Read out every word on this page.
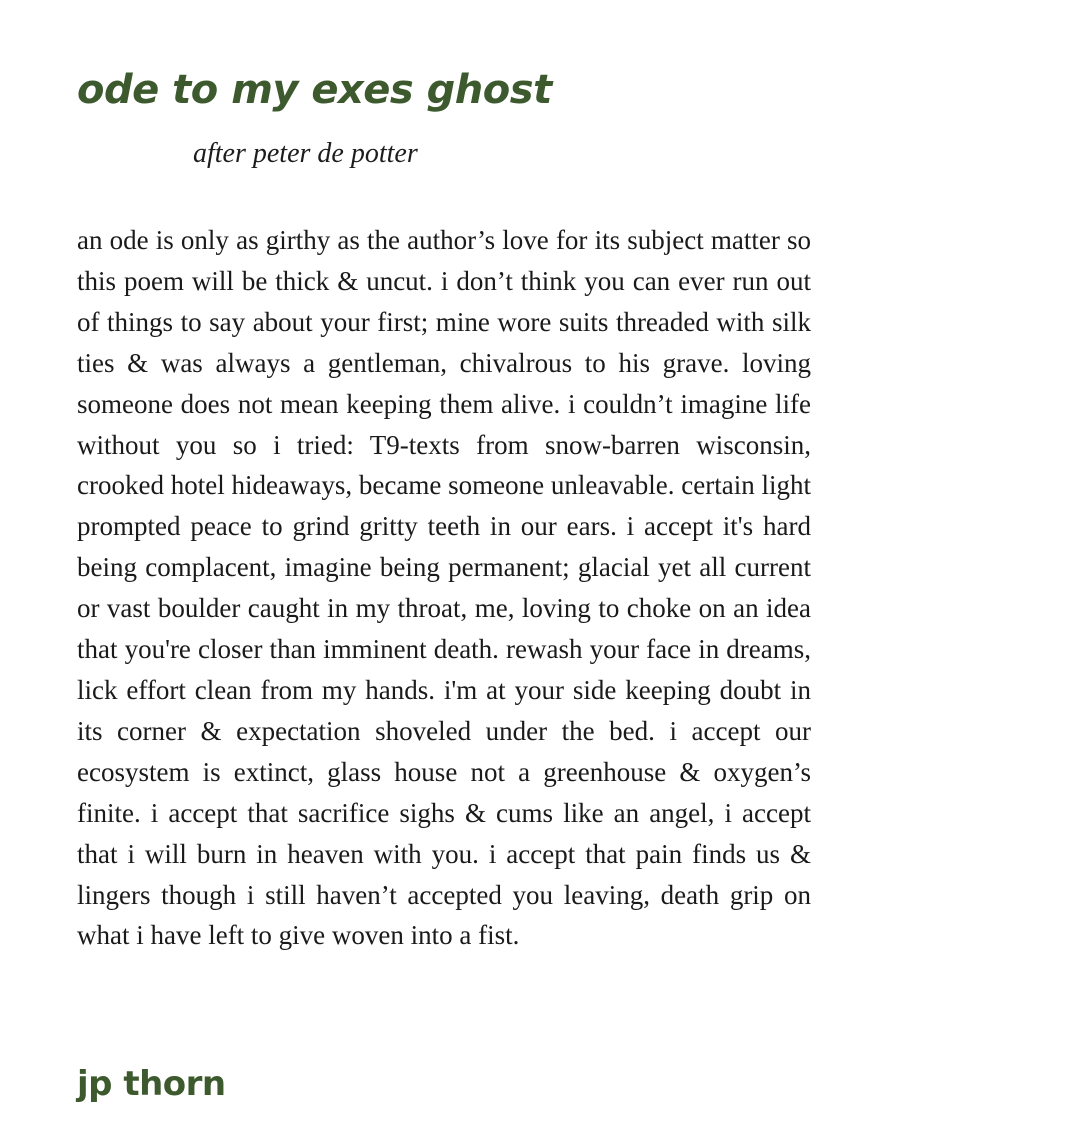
ode to my exes ghost

after peter de potter

an ode is only as girthy as the author’s love for its subject matter so this poem will be thick & uncut. i don’t think you can ever run out of things to say about your first; mine wore suits threaded with silk ties & was always a gentleman, chivalrous to his grave. loving someone does not mean keeping them alive. i couldn’t imagine life without you so i tried: T9-texts from snow-barren wisconsin, crooked hotel hideaways, became someone unleavable. certain light prompted peace to grind gritty teeth in our ears. i accept it's hard being complacent, imagine being permanent; glacial yet all current or vast boulder caught in my throat, me, loving to choke on an idea that you're closer than imminent death. rewash your face in dreams, lick effort clean from my hands. i'm at your side keeping doubt in its corner & expectation shoveled under the bed. i accept our ecosystem is extinct, glass house not a greenhouse & oxygen’s finite. i accept that sacrifice sighs & cums like an angel, i accept that i will burn in heaven with you. i accept that pain finds us & lingers though i still haven’t accepted you leaving, death grip on what i have left to give woven into a fist.

jp thorn
